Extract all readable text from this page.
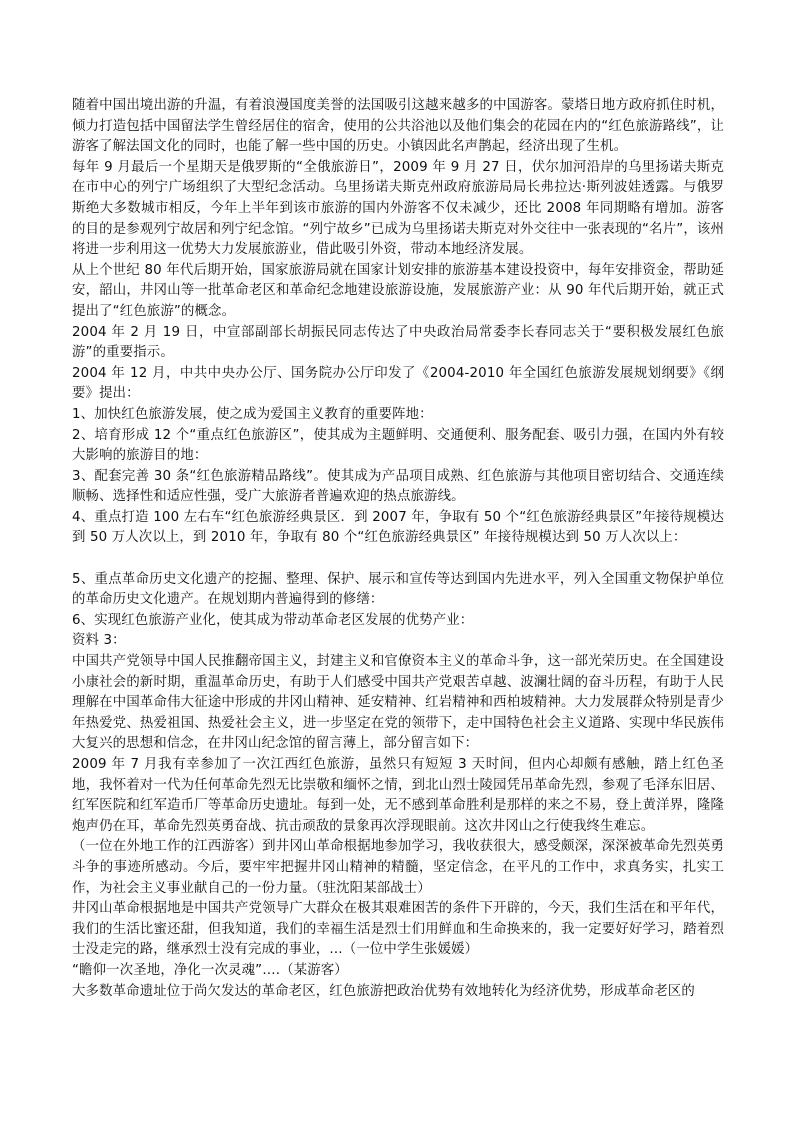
随着中国出境出游的升温，有着浪漫国度美誉的法国吸引这越来越多的中国游客。蒙塔日地方政府抓住时机，倾力打造包括中国留法学生曾经居住的宿舍，使用的公共浴池以及他们集会的花园在内的“红色旅游路线”，让游客了解法国文化的同时，也能了解一些中国的历史。小镇因此名声鹊起，经济出现了生机。

每年 9 月最后一个星期天是俄罗斯的“全俄旅游日”，2009 年 9 月 27 日，伏尔加河沿岸的乌里扬诺夫斯克在市中心的列宁广场组织了大型纪念活动。乌里扬诺夫斯克州政府旅游局局长弗拉达·斯列波娃透露。与俄罗斯绝大多数城市相反，今年上半年到该市旅游的国内外游客不仅未减少，还比 2008 年同期略有增加。游客的目的是参观列宁故居和列宁纪念馆。“列宁故乡”已成为乌里扬诺夫斯克对外交往中一张表现的“名片”，该州将进一步利用这一优势大力发展旅游业，借此吸引外资，带动本地经济发展。

从上个世纪 80 年代后期开始，国家旅游局就在国家计划安排的旅游基本建设投资中，每年安排资金，帮助延安，韶山，井冈山等一批革命老区和革命纪念地建设旅游设施，发展旅游产业：从 90 年代后期开始，就正式提出了“红色旅游”的概念。

2004 年 2 月 19 日，中宣部副部长胡振民同志传达了中央政治局常委李长春同志关于“要积极发展红色旅游”的重要指示。

2004 年 12 月，中共中央办公厅、国务院办公厅印发了《2004-2010 年全国红色旅游发展规划纲要》《纲要》提出：

1、加快红色旅游发展，使之成为爱国主义教育的重要阵地：

2、培育形成 12 个“重点红色旅游区”，使其成为主题鲜明、交通便利、服务配套、吸引力强，在国内外有较大影响的旅游目的地：

3、配套完善 30 条“红色旅游精品路线”。使其成为产品项目成熟、红色旅游与其他项目密切结合、交通连续顺畅、选择性和适应性强，受广大旅游者普遍欢迎的热点旅游线。

4、重点打造 100 左右车“红色旅游经典景区．到 2007 年，争取有 50 个“红色旅游经典景区”年接待规模达到 50 万人次以上，到 2010 年，争取有 80 个“红色旅游经典景区” 年接待规模达到 50 万人次以上：

5、重点革命历史文化遗产的挖掘、整理、保护、展示和宣传等达到国内先进水平，列入全国重文物保护单位的革命历史文化遗产。在规划期内普遍得到的修缮：

6、实现红色旅游产业化，使其成为带动革命老区发展的优势产业：

资料 3：

中国共产党领导中国人民推翻帝国主义，封建主义和官僚资本主义的革命斗争，这一部光荣历史。在全国建设小康社会的新时期，重温革命历史，有助于人们感受中国共产党艰苦卓越、波澜壮阔的奋斗历程，有助于人民理解在中国革命伟大征途中形成的井冈山精神、延安精神、红岩精神和西柏坡精神。大力发展群众特别是青少年热爱党、热爱祖国、热爱社会主义，进一步坚定在党的领带下，走中国特色社会主义道路、实现中华民族伟大复兴的思想和信念，在井冈山纪念馆的留言薄上，部分留言如下：

2009 年 7 月我有幸参加了一次江西红色旅游，虽然只有短短 3 天时间，但内心却颇有感触，踏上红色圣地，我怀着对一代为任何革命先烈无比崇敬和缅怀之情，到北山烈士陵园凭吊革命先烈，参观了毛泽东旧居、红军医院和红军造币厂等革命历史遗址。每到一处，无不感到革命胜利是那样的来之不易，登上黄洋界，隆隆炮声仍在耳，革命先烈英勇奋战、抗击顽敌的景象再次浮现眼前。这次井冈山之行使我终生难忘。

（一位在外地工作的江西游客）到井冈山革命根据地参加学习，我收获很大，感受颇深，深深被革命先烈英勇斗争的事迹所感动。今后，要牢牢把握井冈山精神的精髓，坚定信念，在平凡的工作中，求真务实，扎实工作，为社会主义事业献自己的一份力量。（驻沈阳某部战士）

井冈山革命根据地是中国共产党领导广大群众在极其艰难困苦的条件下开辟的，今天，我们生活在和平年代，我们的生活比蜜还甜，但我知道，我们的幸福生活是烈士们用鲜血和生命换来的，我一定要好好学习，踏着烈士没走完的路，继承烈士没有完成的事业，…（一位中学生张媛媛）

“瞻仰一次圣地，净化一次灵魂”….（某游客）

大多数革命遗址位于尚欠发达的革命老区，红色旅游把政治优势有效地转化为经济优势，形成革命老区的
